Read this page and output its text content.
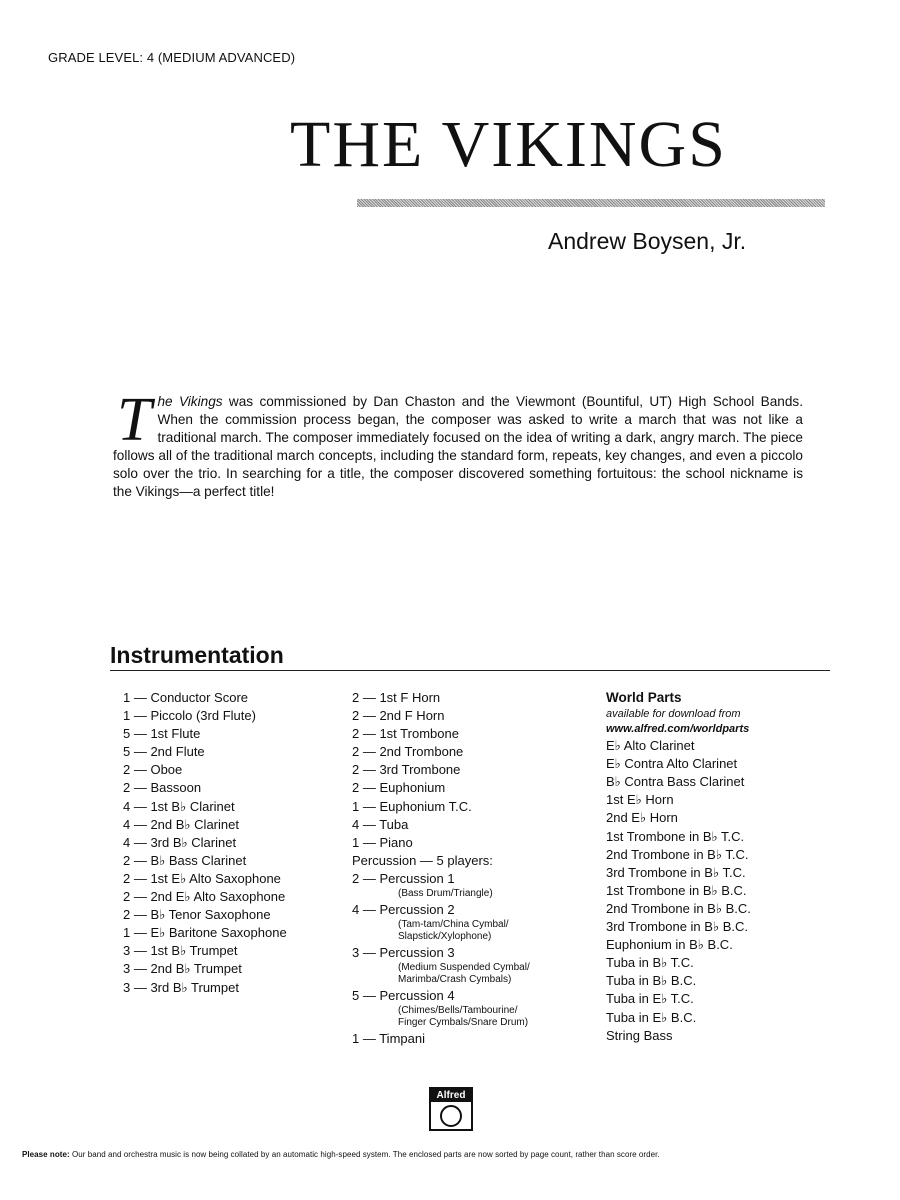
GRADE LEVEL: 4 (MEDIUM ADVANCED)
THE VIKINGS
Andrew Boysen, Jr.
The Vikings was commissioned by Dan Chaston and the Viewmont (Bountiful, UT) High School Bands. When the commission process began, the composer was asked to write a march that was not like a traditional march. The composer immediately focused on the idea of writing a dark, angry march. The piece follows all of the traditional march concepts, including the standard form, repeats, key changes, and even a piccolo solo over the trio. In searching for a title, the composer discovered something fortuitous: the school nickname is the Vikings—a perfect title!
Instrumentation
1 — Conductor Score
1 — Piccolo (3rd Flute)
5 — 1st Flute
5 — 2nd Flute
2 — Oboe
2 — Bassoon
4 — 1st B♭ Clarinet
4 — 2nd B♭ Clarinet
4 — 3rd B♭ Clarinet
2 — B♭ Bass Clarinet
2 — 1st E♭ Alto Saxophone
2 — 2nd E♭ Alto Saxophone
2 — B♭ Tenor Saxophone
1 — E♭ Baritone Saxophone
3 — 1st B♭ Trumpet
3 — 2nd B♭ Trumpet
3 — 3rd B♭ Trumpet
2 — 1st F Horn
2 — 2nd F Horn
2 — 1st Trombone
2 — 2nd Trombone
2 — 3rd Trombone
2 — Euphonium
1 — Euphonium T.C.
4 — Tuba
1 — Piano
Percussion — 5 players:
2 — Percussion 1
(Bass Drum/Triangle)
4 — Percussion 2
(Tam-tam/China Cymbal/
Slapstick/Xylophone)
3 — Percussion 3
(Medium Suspended Cymbal/
Marimba/Crash Cymbals)
5 — Percussion 4
(Chimes/Bells/Tambourine/
Finger Cymbals/Snare Drum)
1 — Timpani
World Parts
available for download from
www.alfred.com/worldparts
E♭ Alto Clarinet
E♭ Contra Alto Clarinet
B♭ Contra Bass Clarinet
1st E♭ Horn
2nd E♭ Horn
1st Trombone in B♭ T.C.
2nd Trombone in B♭ T.C.
3rd Trombone in B♭ T.C.
1st Trombone in B♭ B.C.
2nd Trombone in B♭ B.C.
3rd Trombone in B♭ B.C.
Euphonium in B♭ B.C.
Tuba in B♭ T.C.
Tuba in B♭ B.C.
Tuba in E♭ T.C.
Tuba in E♭ B.C.
String Bass
Alfred
Please note: Our band and orchestra music is now being collated by an automatic high-speed system. The enclosed parts are now sorted by page count, rather than score order.
